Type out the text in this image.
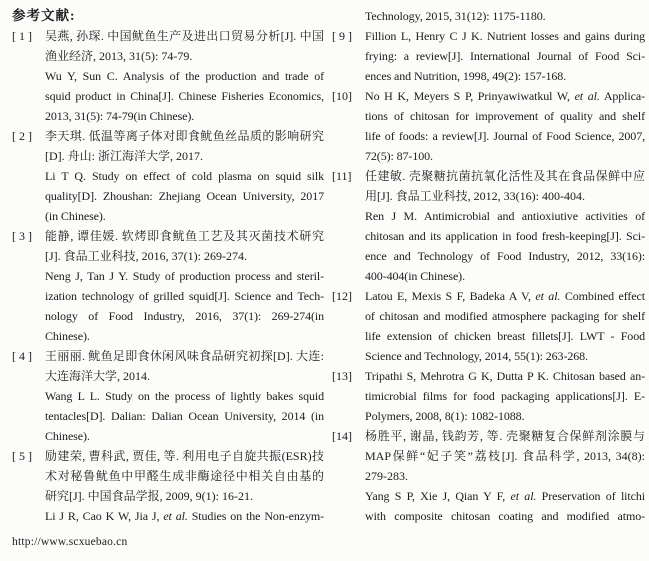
参考文献:
[ 1 ]	吴燕, 孙琛. 中国鱿鱼生产及进出口贸易分析[J]. 中国
渔业经济, 2013, 31(5): 74-79.
Wu Y, Sun C. Analysis of the production and trade of
squid product in China[J]. Chinese Fisheries Economics,
2013, 31(5): 74-79(in Chinese).
[ 2 ]	李天琪. 低温等离子体对即食鱿鱼丝品质的影响研究
[D]. 舟山: 浙江海洋大学, 2017.
Li T Q. Study on effect of cold plasma on squid silk
quality[D]. Zhoushan: Zhejiang Ocean University, 2017
(in Chinese).
[ 3 ]	能静, 谭佳媛. 软烤即食鱿鱼工艺及其灭菌技术研究
[J]. 食品工业科技, 2016, 37(1): 269-274.
Neng J, Tan J Y. Study of production process and steril-
ization technology of grilled squid[J]. Science and Tech-
nology of Food Industry, 2016, 37(1): 269-274(in
Chinese).
[ 4 ]	王丽丽. 鱿鱼足即食休闲风味食品研究初探[D]. 大连:
大连海洋大学, 2014.
Wang L L. Study on the process of lightly bakes squid
tentacles[D]. Dalian: Dalian Ocean University, 2014 (in
Chinese).
[ 5 ]	励建荣, 曹科武, 贾佳, 等. 利用电子自旋共振(ESR)技
术对秘鲁鱿鱼中甲醛生成非酶途径中相关自由基的
研究[J]. 中国食品学报, 2009, 9(1): 16-21.
Li J R, Cao K W, Jia J, et al. Studies on the Non-enzym-
Technology, 2015, 31(12): 1175-1180.
[ 9 ]	Fillion L, Henry C J K. Nutrient losses and gains during
frying: a review[J]. International Journal of Food Sci-
ences and Nutrition, 1998, 49(2): 157-168.
[10]	No H K, Meyers S P, Prinyawiwatkul W, et al. Applica-
tions of chitosan for improvement of quality and shelf
life of foods: a review[J]. Journal of Food Science, 2007,
72(5): 87-100.
[11]	任建敏. 壳聚糖抗菌抗氧化活性及其在食品保鲜中应
用[J]. 食品工业科技, 2012, 33(16): 400-404.
Ren J M. Antimicrobial and antioxiutive activities of
chitosan and its application in food fresh-keeping[J]. Sci-
ence and Technology of Food Industry, 2012, 33(16):
400-404(in Chinese).
[12]	Latou E, Mexis S F, Badeka A V, et al. Combined effect
of chitosan and modified atmosphere packaging for shelf
life extension of chicken breast fillets[J]. LWT - Food
Science and Technology, 2014, 55(1): 263-268.
[13]	Tripathi S, Mehrotra G K, Dutta P K. Chitosan based an-
timicrobial films for food packaging applications[J]. E-
Polymers, 2008, 8(1): 1082-1088.
[14]	杨胜平, 谢晶, 钱韵芳, 等. 壳聚糖复合保鲜剂涂膜与
MAP保鲜“妃子笑”荔枝[J]. 食品科学, 2013, 34(8):
279-283.
Yang S P, Xie J, Qian Y F, et al. Preservation of litchi
with composite chitosan coating and modified atmo-
http://www.scxuebao.cn
